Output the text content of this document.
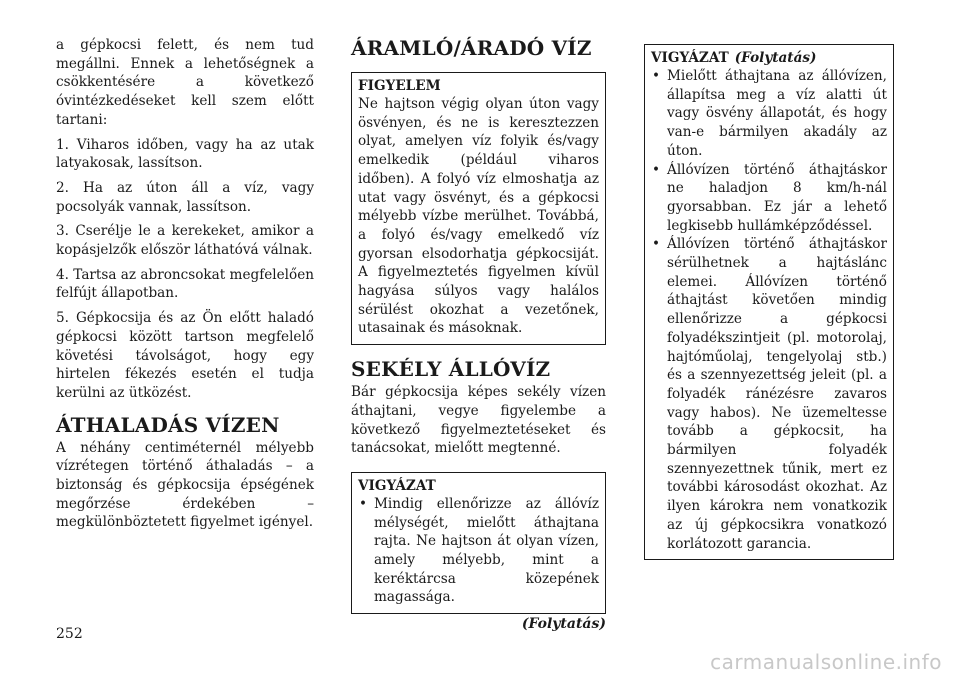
a gépkocsi felett, és nem tud megállni. Ennek a lehetőségnek a csökkentésére a következő óvintézkedéseket kell szem előtt tartani:

1. Viharos időben, vagy ha az utak latyakosak, lassítson.

2. Ha az úton áll a víz, vagy pocsolyák vannak, lassítson.

3. Cserélje le a kerekeket, amikor a kopásjelzők először láthatóvá válnak.

4. Tartsa az abroncsokat megfelelően felfújt állapotban.

5. Gépkocsija és az Ön előtt haladó gépkocsi között tartson megfelelő követési távolságot, hogy egy hirtelen fékezés esetén el tudja kerülni az ütközést.

ÁTHALADÁS VÍZEN

A néhány centiméternél mélyebb vízrétegen történő áthaladás – a biztonság és gépkocsija épségének megőrzése érdekében – megkülönböztetett figyelmet igényel.

ÁRAMLÓ/ÁRADÓ VÍZ
FIGYELEM

Ne hajtson végig olyan úton vagy ösvényen, és ne is keresztezzen olyat, amelyen víz folyik és/vagy emelkedik (például viharos időben). A folyó víz elmoshatja az utat vagy ösvényt, és a gépkocsi mélyebb vízbe merülhet. Továbbá, a folyó és/vagy emelkedő víz gyorsan elsodorhatja gépkocsiját. A figyelmeztetés figyelmen kívül hagyása súlyos vagy halálos sérülést okozhat a vezetőnek, utasainak és másoknak.

SEKÉLY ÁLLÓVÍZ

Bár gépkocsija képes sekély vízen áthajtani, vegye figyelembe a következő figyelmeztetéseket és tanácsokat, mielőtt megtenné.

VIGYÁZAT
• Mindig ellenőrizze az állóvíz mélységét, mielőtt áthajtana rajta. Ne hajtson át olyan vízen, amely mélyebb, mint a keréktárcsa közepének magassága.
(Folytatás)
VIGYÁZAT (Folytatás)
• Mielőtt áthajtana az állóvízen, állapítsa meg a víz alatti út vagy ösvény állapotát, és hogy van-e bármilyen akadály az úton.
• Állóvízen történő áthajtáskor ne haladjon 8 km/h-nál gyorsabban. Ez jár a lehető legkisebb hullámképződéssel.
• Állóvízen történő áthajtáskor sérülhetnek a hajtáslánc elemei. Állóvízen történő áthajtást követően mindig ellenőrizze a gépkocsi folyadékszintjeit (pl. motorolaj, hajtóműolaj, tengelyolaj stb.) és a szennyezettség jeleit (pl. a folyadék ránézésre zavaros vagy habos). Ne üzemeltesse tovább a gépkocsit, ha bármilyen folyadék szennyezettnek tűnik, mert ez további károsodást okozhat. Az ilyen károkra nem vonatkozik az új gépkocsikra vonatkozó korlátozott garancia.
252
carmanualsonline.info
